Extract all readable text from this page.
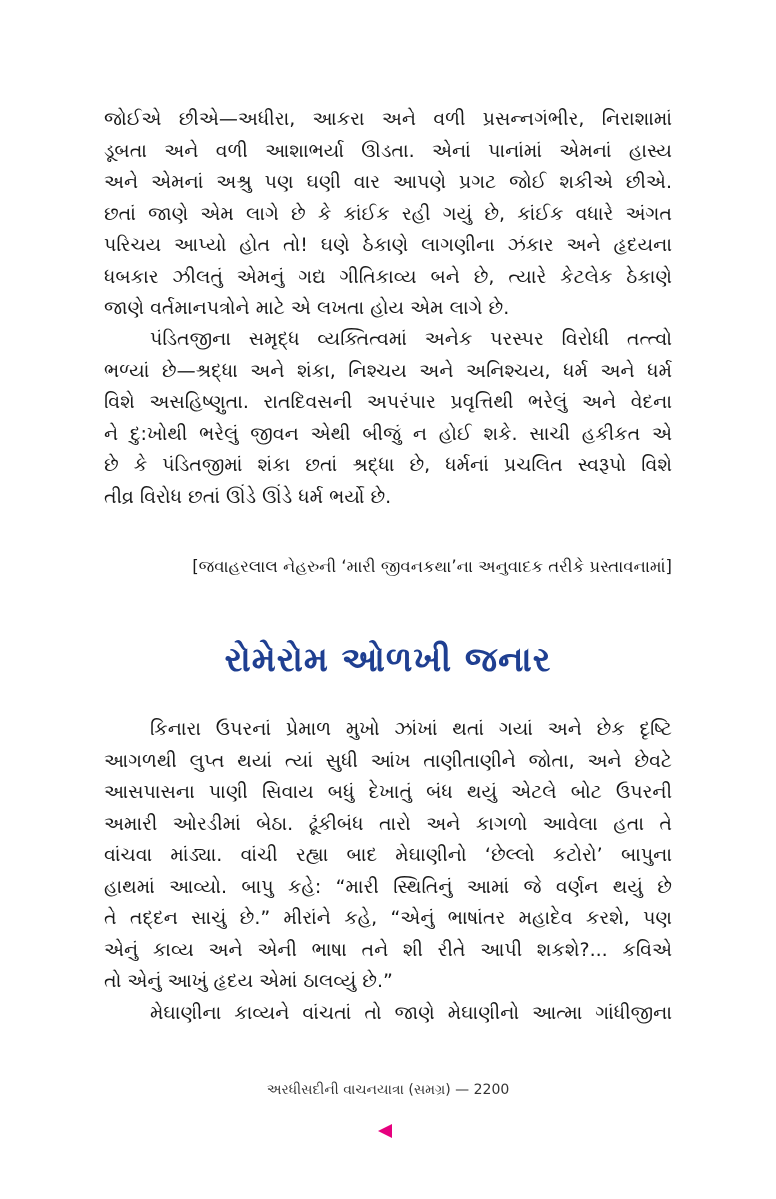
જોઈએ છીએ—અધીરા, આકરા અને વળી પ્રસન્નગંભીર, નિરાશામાં

ડૂબતા અને વળી આશાભર્યા ઊડતા. એનાં પાનાંમાં એમનાં હાસ્ય

અને એમનાં અશ્રુ પણ ઘણી વાર આપણે પ્રગટ જોઈ શકીએ છીએ.

છતાં જાણે એમ લાગે છે કે કાંઈક રહી ગયું છે, કાંઈક વધારે અંગત

પરિચય આપ્યો હોત તો! ઘણે ઠેકાણે લાગણીના ઝંકાર અને હૃદયના

ધબકાર ઝીલતું એમનું ગદ્ય ગીતિકાવ્ય બને છે, ત્યારે કેટલેક ઠેકાણે

જાણે વર્તમાનપત્રોને માટે એ લખતા હોય એમ લાગે છે.

પંડિતજીના સમૃદ્ધ વ્યક્તિત્વમાં અનેક પરસ્પર વિરોધી તત્ત્વો

ભળ્યાં છે—શ્રદ્ધા અને શંકા, નિશ્ચય અને અનિશ્ચય, ધર્મ અને ધર્મ

વિશે અસહિષ્ણુતા. રાતદિવસની અપરંપાર પ્રવૃત્તિથી ભરેલું અને વેદના

ને દુ:ખોથી ભરેલું જીવન એથી બીજું ન હોઈ શકે. સાચી હકીકત એ

છે કે પંડિતજીમાં શંકા છતાં શ્રદ્ધા છે, ધર્મનાં પ્રચલિત સ્વરૂપો વિશે

તીવ્ર વિરોધ છતાં ઊંડે ઊંડે ધર્મ ભર્યો છે.

[જવાહરલાલ નેહરુની ‘મારી જીવનકથા’ના અનુવાદક તરીકે પ્રસ્તાવનામાં]
રોમેરોમ ઓળખી જનાર

કિનારા ઉપરનાં પ્રેમાળ મુખો ઝાંખાં થતાં ગયાં અને છેક દૃષ્ટિ

આગળથી લુપ્ત થયાં ત્યાં સુધી આંખ તાણીતાણીને જોતા, અને છેવટે

આસપાસના પાણી સિવાય બધું દેખાતું બંધ થયું એટલે બોટ ઉપરની

અમારી ઓરડીમાં બેઠા. ઢૂંકીબંધ તારો અને કાગળો આવેલા હતા તે

વાંચવા માંડ્યા. વાંચી રહ્યા બાદ મેઘાણીનો ‘છેલ્લો કટોરો’ બાપુના

હાથમાં આવ્યો. બાપુ કહે: “મારી સ્થિતિનું આમાં જે વર્ણન થયું છે

તે તદ્દન સાચું છે.” મીરાંને કહે, “એનું ભાષાંતર મહાદેવ કરશે, પણ

એનું કાવ્ય અને એની ભાષા તને શી રીતે આપી શકશે?... કવિએ

તો એનું આખું હૃદય એમાં ઠાલવ્યું છે.”

મેઘાણીના કાવ્યને વાંચતાં તો જાણે મેઘાણીનો આત્મા ગાંધીજીના

અરધીસદીની વાચનયાત્રા (સમગ્ર) — 2200
